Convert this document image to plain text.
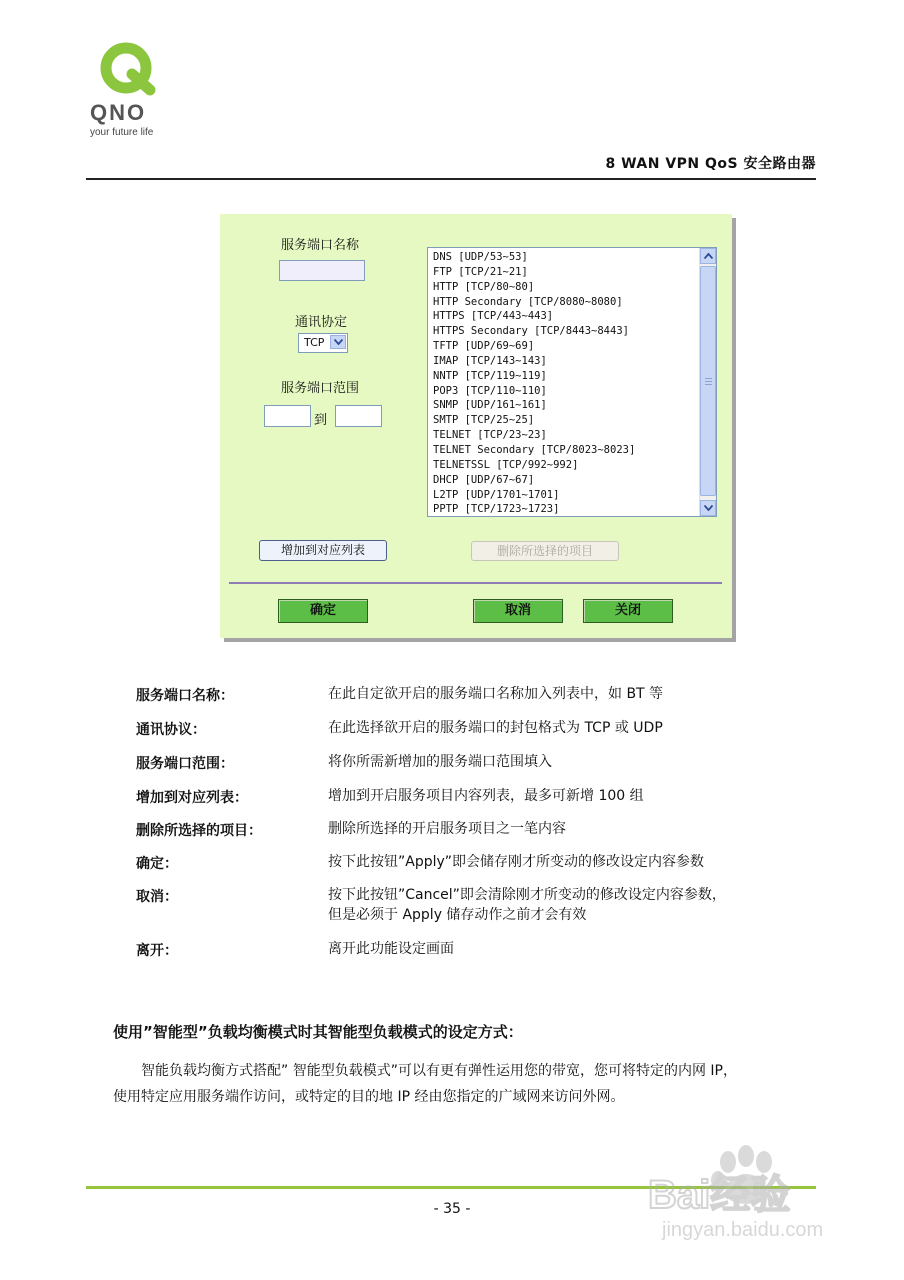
QNO
your future life
8 WAN VPN QoS 安全路由器
服务端口名称
通讯协定
TCP
服务端口范围
到
DNS [UDP/53~53]
FTP [TCP/21~21]
HTTP [TCP/80~80]
HTTP Secondary [TCP/8080~8080]
HTTPS [TCP/443~443]
HTTPS Secondary [TCP/8443~8443]
TFTP [UDP/69~69]
IMAP [TCP/143~143]
NNTP [TCP/119~119]
POP3 [TCP/110~110]
SNMP [UDP/161~161]
SMTP [TCP/25~25]
TELNET [TCP/23~23]
TELNET Secondary [TCP/8023~8023]
TELNETSSL [TCP/992~992]
DHCP [UDP/67~67]
L2TP [UDP/1701~1701]
PPTP [TCP/1723~1723]
增加到对应列表	删除所选择的项目
确定	取消	关闭
服务端口名称：	在此自定欲开启的服务端口名称加入列表中，如 BT 等
通讯协议：	在此选择欲开启的服务端口的封包格式为 TCP 或 UDP
服务端口范围：	将你所需新增加的服务端口范围填入
增加到对应列表：	增加到开启服务项目内容列表，最多可新增 100 组
删除所选择的项目：	删除所选择的开启服务项目之一笔内容
确定：	按下此按钮”Apply”即会储存刚才所变动的修改设定内容参数
取消：	按下此按钮”Cancel”即会清除刚才所变动的修改设定内容参数，
但是必须于 Apply 储存动作之前才会有效
离开：	离开此功能设定画面
使用”智能型”负载均衡模式时其智能型负载模式的设定方式：
智能负载均衡方式搭配” 智能型负载模式”可以有更有弹性运用您的带宽，您可将特定的内网 IP，
使用特定应用服务端作访问，或特定的目的地 IP 经由您指定的广域网来访问外网。
- 35 -	Bai经验
jingyan.baidu.com
